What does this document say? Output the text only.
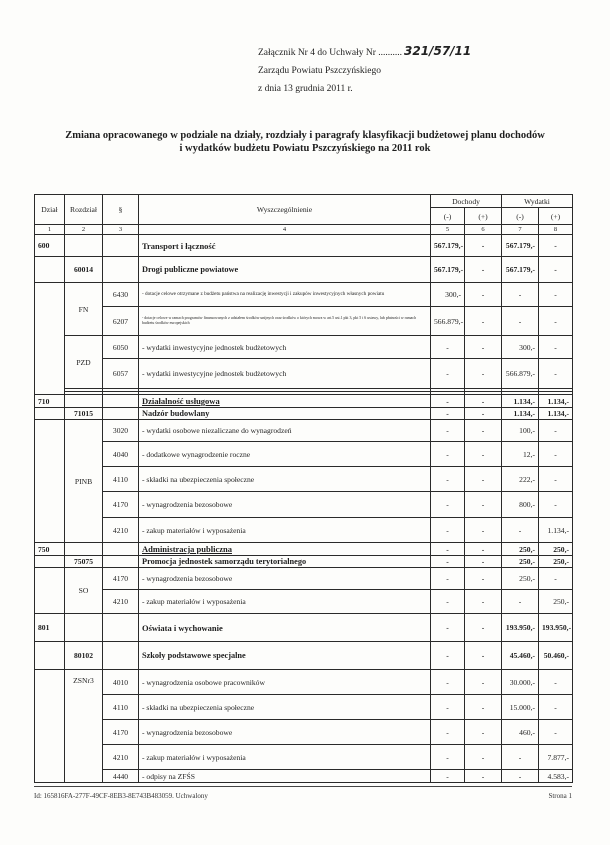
Załącznik Nr 4 do Uchwały Nr .......... 321/57/11
Zarządu Powiatu Pszczyńskiego
z dnia 13 grudnia 2011 r.
Zmiana opracowanego w podziale na działy, rozdziały i paragrafy klasyfikacji budżetowej planu dochodów
i wydatków budżetu Powiatu Pszczyńskiego na 2011 rok
Dział	Rozdział	§	Wyszczególnienie	Dochody		Wydatki	
				(-)	(+)	(-)	(+)
1	2	3	4	5	6	7	8
600			Transport i łączność	567.179,-	-	567.179,-	-
	60014		Drogi publiczne powiatowe	567.179,-	-	567.179,-	-
	FN	6430	- dotacje celowe otrzymane z budżetu państwa na realizację inwestycji i zakupów inwestycyjnych własnych powiatu	300,-	-	-	-
		6207	- dotacje celowe w ramach programów finansowanych z udziałem środków unijnych oraz środków o których mowa w art.5 ust.1 pkt 3, pkt 5 i 6 ustawy, lub płatności w ramach budżetu środków europejskich	566.879,-	-	-	-
	PZD	6050	- wydatki inwestycyjne jednostek budżetowych	-	-	300,-	-
		6057	- wydatki inwestycyjne jednostek budżetowych	-	-	566.879,-	-

710			Działalność usługowa	-	-	1.134,-	1.134,-
	71015		Nadzór budowlany	-	-	1.134,-	1.134,-
	PINB	3020	- wydatki osobowe niezaliczane do wynagrodzeń	-	-	100,-	-
		4040	- dodatkowe wynagrodzenie roczne	-	-	12,-	-
		4110	- składki na ubezpieczenia społeczne	-	-	222,-	-
		4170	- wynagrodzenia bezosobowe	-	-	800,-	-
		4210	- zakup materiałów i wyposażenia	-	-	-	1.134,-
750			Administracja publiczna	-	-	250,-	250,-
	75075		Promocja jednostek samorządu terytorialnego	-	-	250,-	250,-
	SO	4170	- wynagrodzenia bezosobowe	-	-	250,-	-
		4210	- zakup materiałów i wyposażenia	-	-	-	250,-
801			Oświata i wychowanie	-	-	193.950,-	193.950,-
	80102		Szkoły podstawowe specjalne	-	-	45.460,-	50.460,-
	ZSNr3	4010	- wynagrodzenia osobowe pracowników	-	-	30.000,-	-
		4110	- składki na ubezpieczenia społeczne	-	-	15.000,-	-
		4170	- wynagrodzenia bezosobowe	-	-	460,-	-
		4210	- zakup materiałów i wyposażenia	-	-	-	7.877,-
		4440	- odpisy na ZFŚS	-	-	-	4.583,-
Id: 165816FA-277F-49CF-8EB3-8E743B483059. Uchwalony	Strona 1
